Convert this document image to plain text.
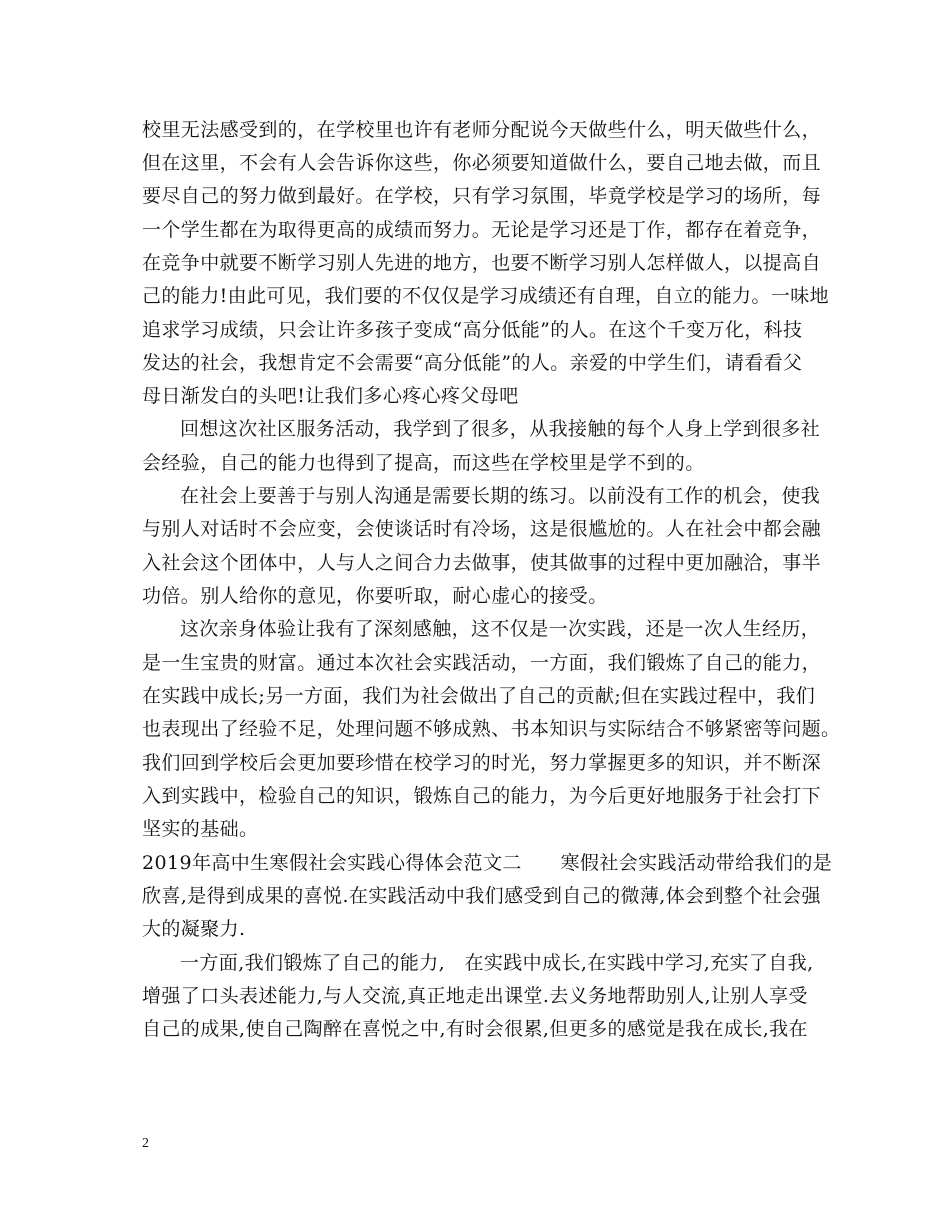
校里无法感受到的，在学校里也许有老师分配说今天做些什么，明天做些什么，
但在这里，不会有人会告诉你这些，你必须要知道做什么，要自己地去做，而且
要尽自己的努力做到最好。在学校，只有学习氛围，毕竟学校是学习的场所，每
一个学生都在为取得更高的成绩而努力。无论是学习还是丁作，都存在着竞争，
在竞争中就要不断学习别人先进的地方，也要不断学习别人怎样做人，以提高自
己的能力!由此可见，我们要的不仅仅是学习成绩还有自理，自立的能力。一味地
追求学习成绩，只会让许多孩子变成“高分低能”的人。在这个千变万化，科技
发达的社会，我想肯定不会需要“高分低能”的人。亲爱的中学生们，请看看父
母日渐发白的头吧!让我们多心疼心疼父母吧
回想这次社区服务活动，我学到了很多，从我接触的每个人身上学到很多社
会经验，自己的能力也得到了提高，而这些在学校里是学不到的。
在社会上要善于与别人沟通是需要长期的练习。以前没有工作的机会，使我
与别人对话时不会应变，会使谈话时有冷场，这是很尴尬的。人在社会中都会融
入社会这个团体中，人与人之间合力去做事，使其做事的过程中更加融洽，事半
功倍。别人给你的意见，你要听取，耐心虚心的接受。
这次亲身体验让我有了深刻感触，这不仅是一次实践，还是一次人生经历，
是一生宝贵的财富。通过本次社会实践活动，一方面，我们锻炼了自己的能力，
在实践中成长;另一方面，我们为社会做出了自己的贡献;但在实践过程中，我们
也表现出了经验不足，处理问题不够成熟、书本知识与实际结合不够紧密等问题。
我们回到学校后会更加要珍惜在校学习的时光，努力掌握更多的知识，并不断深
入到实践中，检验自己的知识，锻炼自己的能力，为今后更好地服务于社会打下
坚实的基础。
2019年高中生寒假社会实践心得体会范文二　　寒假社会实践活动带给我们的是
欣喜,是得到成果的喜悦.在实践活动中我们感受到自己的微薄,体会到整个社会强
大的凝聚力.
一方面,我们锻炼了自己的能力,　在实践中成长,在实践中学习,充实了自我,
增强了口头表述能力,与人交流,真正地走出课堂.去义务地帮助别人,让别人享受
自己的成果,使自己陶醉在喜悦之中,有时会很累,但更多的感觉是我在成长,我在
2
